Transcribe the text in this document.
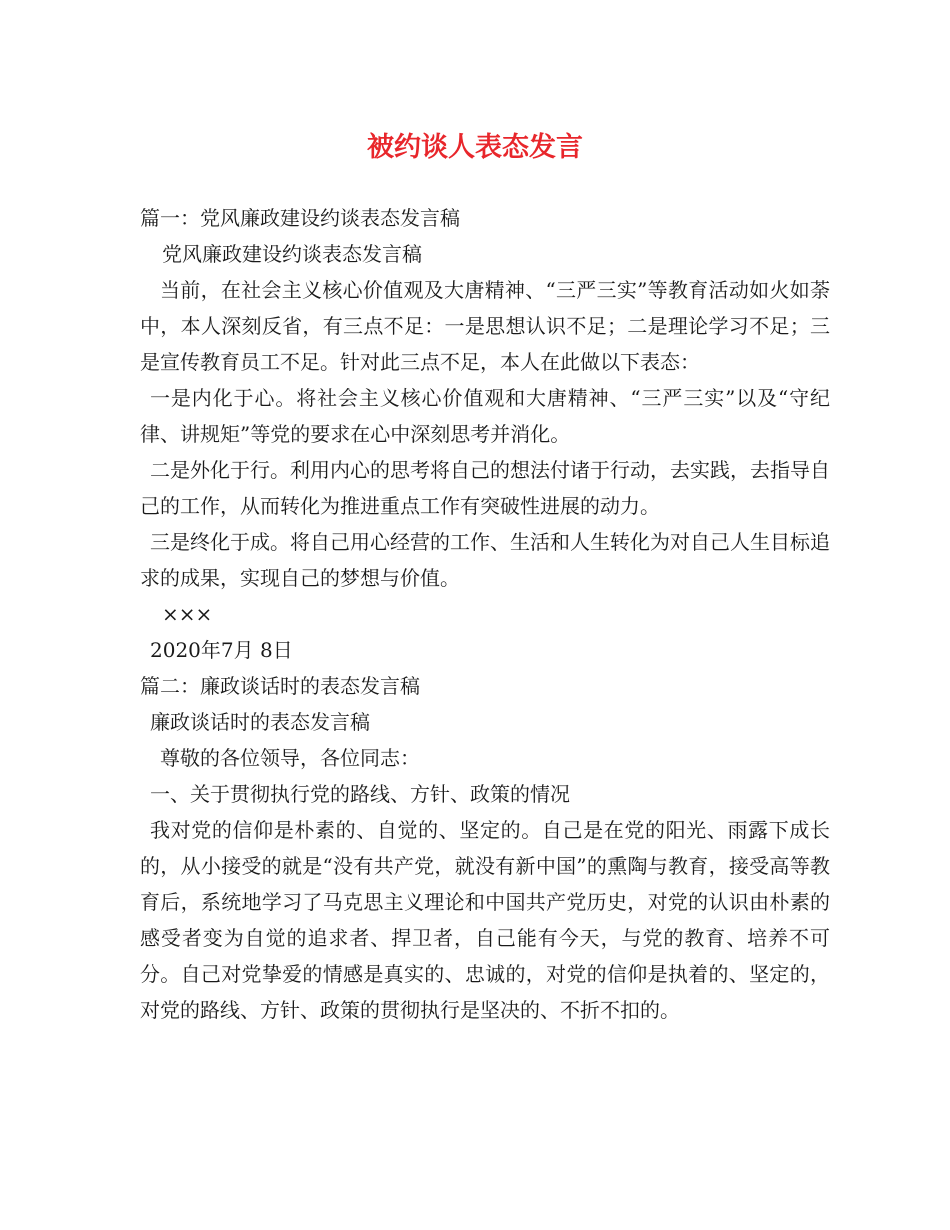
被约谈人表态发言

篇一：党风廉政建设约谈表态发言稿

党风廉政建设约谈表态发言稿

当前，在社会主义核心价值观及大唐精神、“三严三实”等教育活动如火如荼中，本人深刻反省，有三点不足：一是思想认识不足；二是理论学习不足；三是宣传教育员工不足。针对此三点不足，本人在此做以下表态：

一是内化于心。将社会主义核心价值观和大唐精神、“三严三实”以及“守纪律、讲规矩”等党的要求在心中深刻思考并消化。

二是外化于行。利用内心的思考将自己的想法付诸于行动，去实践，去指导自己的工作，从而转化为推进重点工作有突破性进展的动力。

三是终化于成。将自己用心经营的工作、生活和人生转化为对自己人生目标追求的成果，实现自己的梦想与价值。

×××

2020年7月 8日

篇二：廉政谈话时的表态发言稿

廉政谈话时的表态发言稿

尊敬的各位领导，各位同志：

一、关于贯彻执行党的路线、方针、政策的情况

我对党的信仰是朴素的、自觉的、坚定的。自己是在党的阳光、雨露下成长的，从小接受的就是“没有共产党，就没有新中国”的熏陶与教育，接受高等教育后，系统地学习了马克思主义理论和中国共产党历史，对党的认识由朴素的感受者变为自觉的追求者、捍卫者，自己能有今天，与党的教育、培养不可分。自己对党挚爱的情感是真实的、忠诚的，对党的信仰是执着的、坚定的，对党的路线、方针、政策的贯彻执行是坚决的、不折不扣的。
